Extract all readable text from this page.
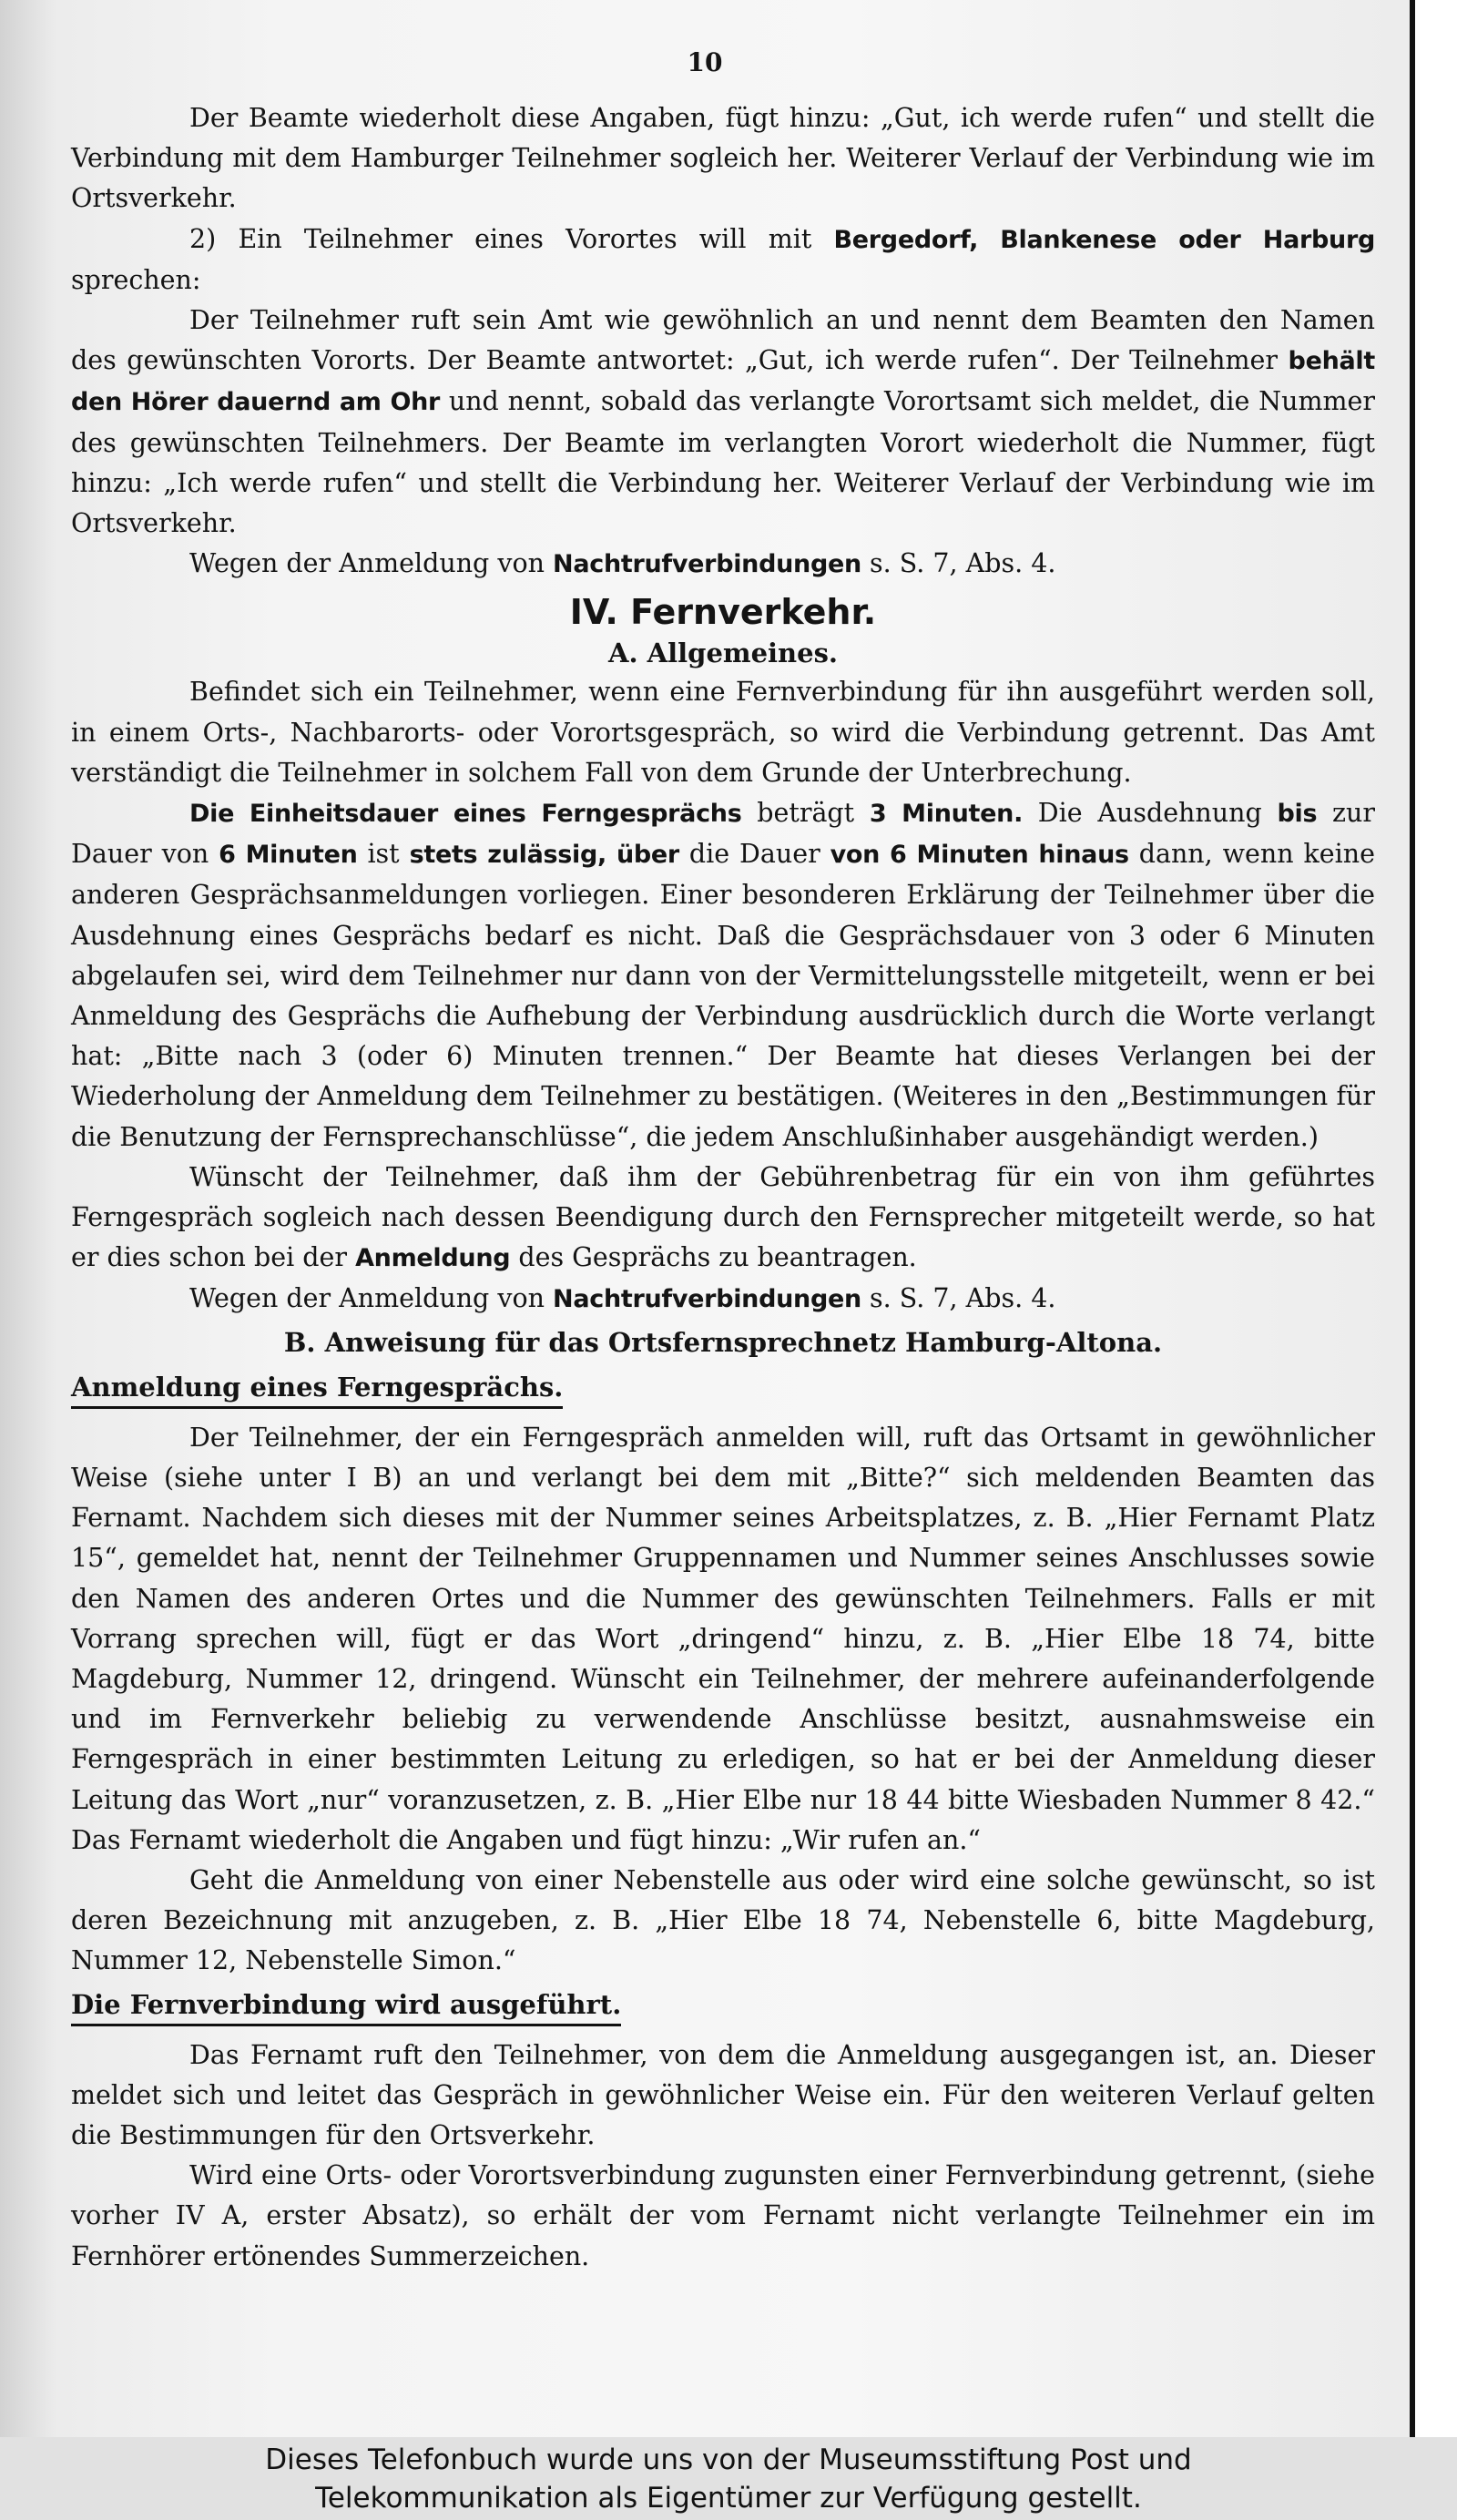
10

Der Beamte wiederholt diese Angaben, fügt hinzu: „Gut, ich werde rufen“ und stellt die Verbindung mit dem Hamburger Teilnehmer sogleich her. Weiterer Verlauf der Verbindung wie im Ortsverkehr.

2) Ein Teilnehmer eines Vorortes will mit Bergedorf, Blankenese oder Harburg sprechen:

Der Teilnehmer ruft sein Amt wie gewöhnlich an und nennt dem Beamten den Namen des gewünschten Vororts. Der Beamte antwortet: „Gut, ich werde rufen“. Der Teilnehmer behält den Hörer dauernd am Ohr und nennt, sobald das verlangte Vorortsamt sich meldet, die Nummer des gewünschten Teilnehmers. Der Beamte im verlangten Vorort wiederholt die Nummer, fügt hinzu: „Ich werde rufen“ und stellt die Verbindung her. Weiterer Verlauf der Verbindung wie im Ortsverkehr.

Wegen der Anmeldung von Nachtrufverbindungen s. S. 7, Abs. 4.

IV. Fernverkehr.
A. Allgemeines.

Befindet sich ein Teilnehmer, wenn eine Fernverbindung für ihn ausgeführt werden soll, in einem Orts-, Nachbarorts- oder Vorortsgespräch, so wird die Verbindung getrennt. Das Amt verständigt die Teilnehmer in solchem Fall von dem Grunde der Unterbrechung.

Die Einheitsdauer eines Ferngesprächs beträgt 3 Minuten. Die Ausdehnung bis zur Dauer von 6 Minuten ist stets zulässig, über die Dauer von 6 Minuten hinaus dann, wenn keine anderen Gesprächsanmeldungen vorliegen. Einer besonderen Erklärung der Teilnehmer über die Ausdehnung eines Gesprächs bedarf es nicht. Daß die Gesprächsdauer von 3 oder 6 Minuten abgelaufen sei, wird dem Teilnehmer nur dann von der Vermittelungsstelle mitgeteilt, wenn er bei Anmeldung des Gesprächs die Aufhebung der Verbindung ausdrücklich durch die Worte verlangt hat: „Bitte nach 3 (oder 6) Minuten trennen.“ Der Beamte hat dieses Verlangen bei der Wiederholung der Anmeldung dem Teilnehmer zu bestätigen. (Weiteres in den „Bestimmungen für die Benutzung der Fernsprechanschlüsse“, die jedem Anschlußinhaber ausgehändigt werden.)

Wünscht der Teilnehmer, daß ihm der Gebührenbetrag für ein von ihm geführtes Ferngespräch sogleich nach dessen Beendigung durch den Fernsprecher mitgeteilt werde, so hat er dies schon bei der Anmeldung des Gesprächs zu beantragen.

Wegen der Anmeldung von Nachtrufverbindungen s. S. 7, Abs. 4.

B. Anweisung für das Ortsfernsprechnetz Hamburg-Altona.
Anmeldung eines Ferngesprächs.

Der Teilnehmer, der ein Ferngespräch anmelden will, ruft das Ortsamt in gewöhnlicher Weise (siehe unter I B) an und verlangt bei dem mit „Bitte?“ sich meldenden Beamten das Fernamt. Nachdem sich dieses mit der Nummer seines Arbeitsplatzes, z. B. „Hier Fernamt Platz 15“, gemeldet hat, nennt der Teilnehmer Gruppennamen und Nummer seines Anschlusses sowie den Namen des anderen Ortes und die Nummer des gewünschten Teilnehmers. Falls er mit Vorrang sprechen will, fügt er das Wort „dringend“ hinzu, z. B. „Hier Elbe 18 74, bitte Magdeburg, Nummer 12, dringend. Wünscht ein Teilnehmer, der mehrere aufeinanderfolgende und im Fernverkehr beliebig zu verwendende Anschlüsse besitzt, ausnahmsweise ein Ferngespräch in einer bestimmten Leitung zu erledigen, so hat er bei der Anmeldung dieser Leitung das Wort „nur“ voranzusetzen, z. B. „Hier Elbe nur 18 44 bitte Wiesbaden Nummer 8 42.“ Das Fernamt wiederholt die Angaben und fügt hinzu: „Wir rufen an.“

Geht die Anmeldung von einer Nebenstelle aus oder wird eine solche gewünscht, so ist deren Bezeichnung mit anzugeben, z. B. „Hier Elbe 18 74, Nebenstelle 6, bitte Magdeburg, Nummer 12, Nebenstelle Simon.“

Die Fernverbindung wird ausgeführt.

Das Fernamt ruft den Teilnehmer, von dem die Anmeldung ausgegangen ist, an. Dieser meldet sich und leitet das Gespräch in gewöhnlicher Weise ein. Für den weiteren Verlauf gelten die Bestimmungen für den Ortsverkehr.

Wird eine Orts- oder Vorortsverbindung zugunsten einer Fernverbindung getrennt, (siehe vorher IV A, erster Absatz), so erhält der vom Fernamt nicht verlangte Teilnehmer ein im Fernhörer ertönendes Summerzeichen.

Dieses Telefonbuch wurde uns von der Museumsstiftung Post und
Telekommunikation als Eigentümer zur Verfügung gestellt.
